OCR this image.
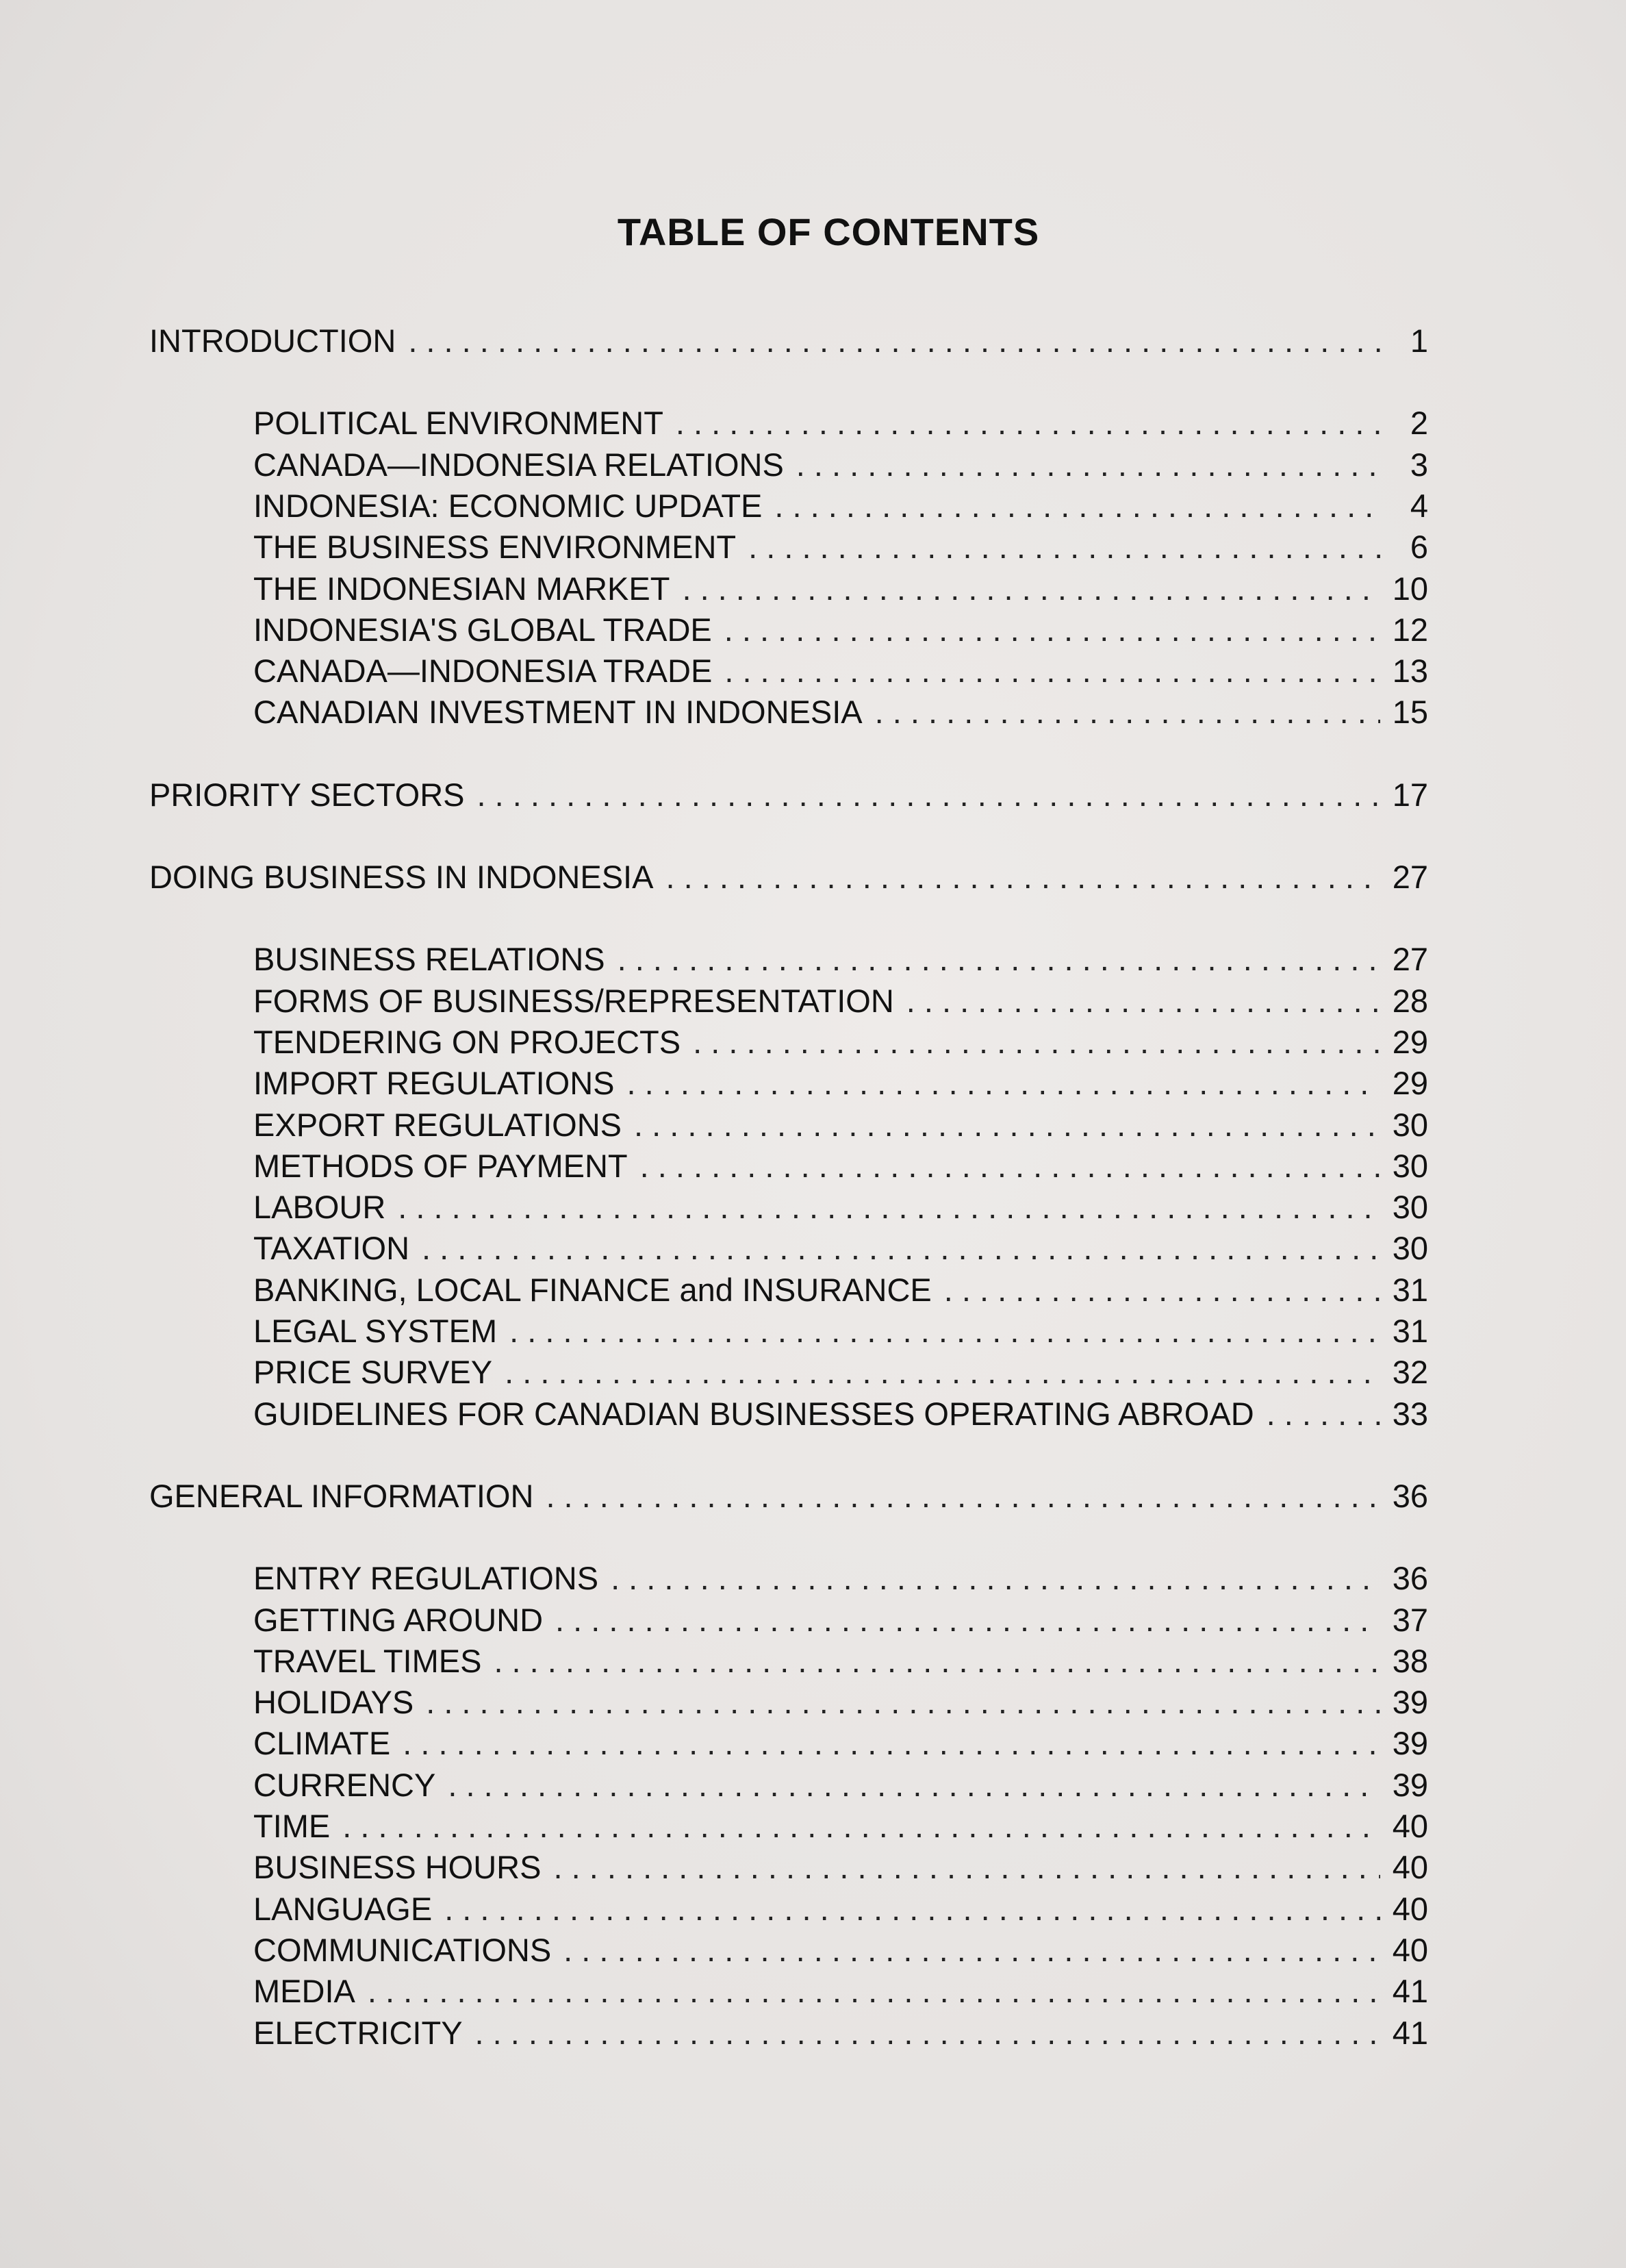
TABLE OF CONTENTS
INTRODUCTION . . .	1
POLITICAL ENVIRONMENT . . .	2
CANADA—INDONESIA RELATIONS . . .	3
INDONESIA: ECONOMIC UPDATE . . .	4
THE BUSINESS ENVIRONMENT . . .	6
THE INDONESIAN MARKET . . .	10
INDONESIA'S GLOBAL TRADE . . .	12
CANADA—INDONESIA TRADE . . .	13
CANADIAN INVESTMENT IN INDONESIA . . .	15
PRIORITY SECTORS . . .	17
DOING BUSINESS IN INDONESIA . . .	27
BUSINESS RELATIONS . . .	27
FORMS OF BUSINESS/REPRESENTATION . . .	28
TENDERING ON PROJECTS . . .	29
IMPORT REGULATIONS . . .	29
EXPORT REGULATIONS . . .	30
METHODS OF PAYMENT . . .	30
LABOUR . . .	30
TAXATION . . .	30
BANKING, LOCAL FINANCE and INSURANCE . . .	31
LEGAL SYSTEM . . .	31
PRICE SURVEY . . .	32
GUIDELINES FOR CANADIAN BUSINESSES OPERATING ABROAD . . .	33
GENERAL INFORMATION . . .	36
ENTRY REGULATIONS . . .	36
GETTING AROUND . . .	37
TRAVEL TIMES . . .	38
HOLIDAYS . . .	39
CLIMATE . . .	39
CURRENCY . . .	39
TIME . . .	40
BUSINESS HOURS . . .	40
LANGUAGE . . .	40
COMMUNICATIONS . . .	40
MEDIA . . .	41
ELECTRICITY . . .	41
